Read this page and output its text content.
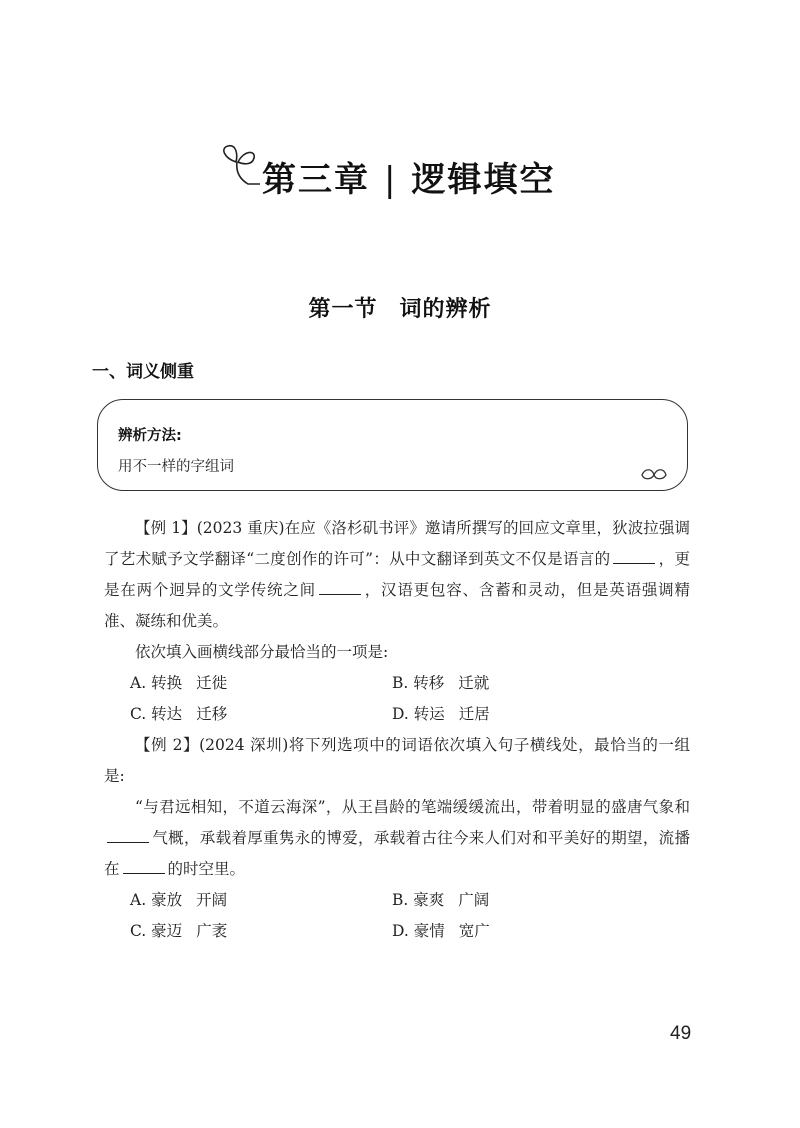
第三章 | 逻辑填空
第一节 词的辨析
一、词义侧重
辨析方法:
用不一样的字组词

【例 1】(2023 重庆)在应《洛杉矶书评》邀请所撰写的回应文章里，狄波拉强调了艺术赋予文学翻译“二度创作的许可”：从中文翻译到英文不仅是语言的	，更是在两个迥异的文学传统之间	，汉语更包容、含蓄和灵动，但是英语强调精准、凝练和优美。

依次填入画横线部分最恰当的一项是:

A. 转换 迁徙	B. 转移 迁就
C. 转达 迁移	D. 转运 迁居

【例 2】(2024 深圳)将下列选项中的词语依次填入句子横线处，最恰当的一组是:

“与君远相知，不道云海深”，从王昌龄的笔端缓缓流出，带着明显的盛唐气象和气概，承载着厚重隽永的博爱，承载着古往今来人们对和平美好的期望，流播在	的时空里。

A. 豪放 开阔	B. 豪爽 广阔
C. 豪迈 广袤	D. 豪情 宽广
49
